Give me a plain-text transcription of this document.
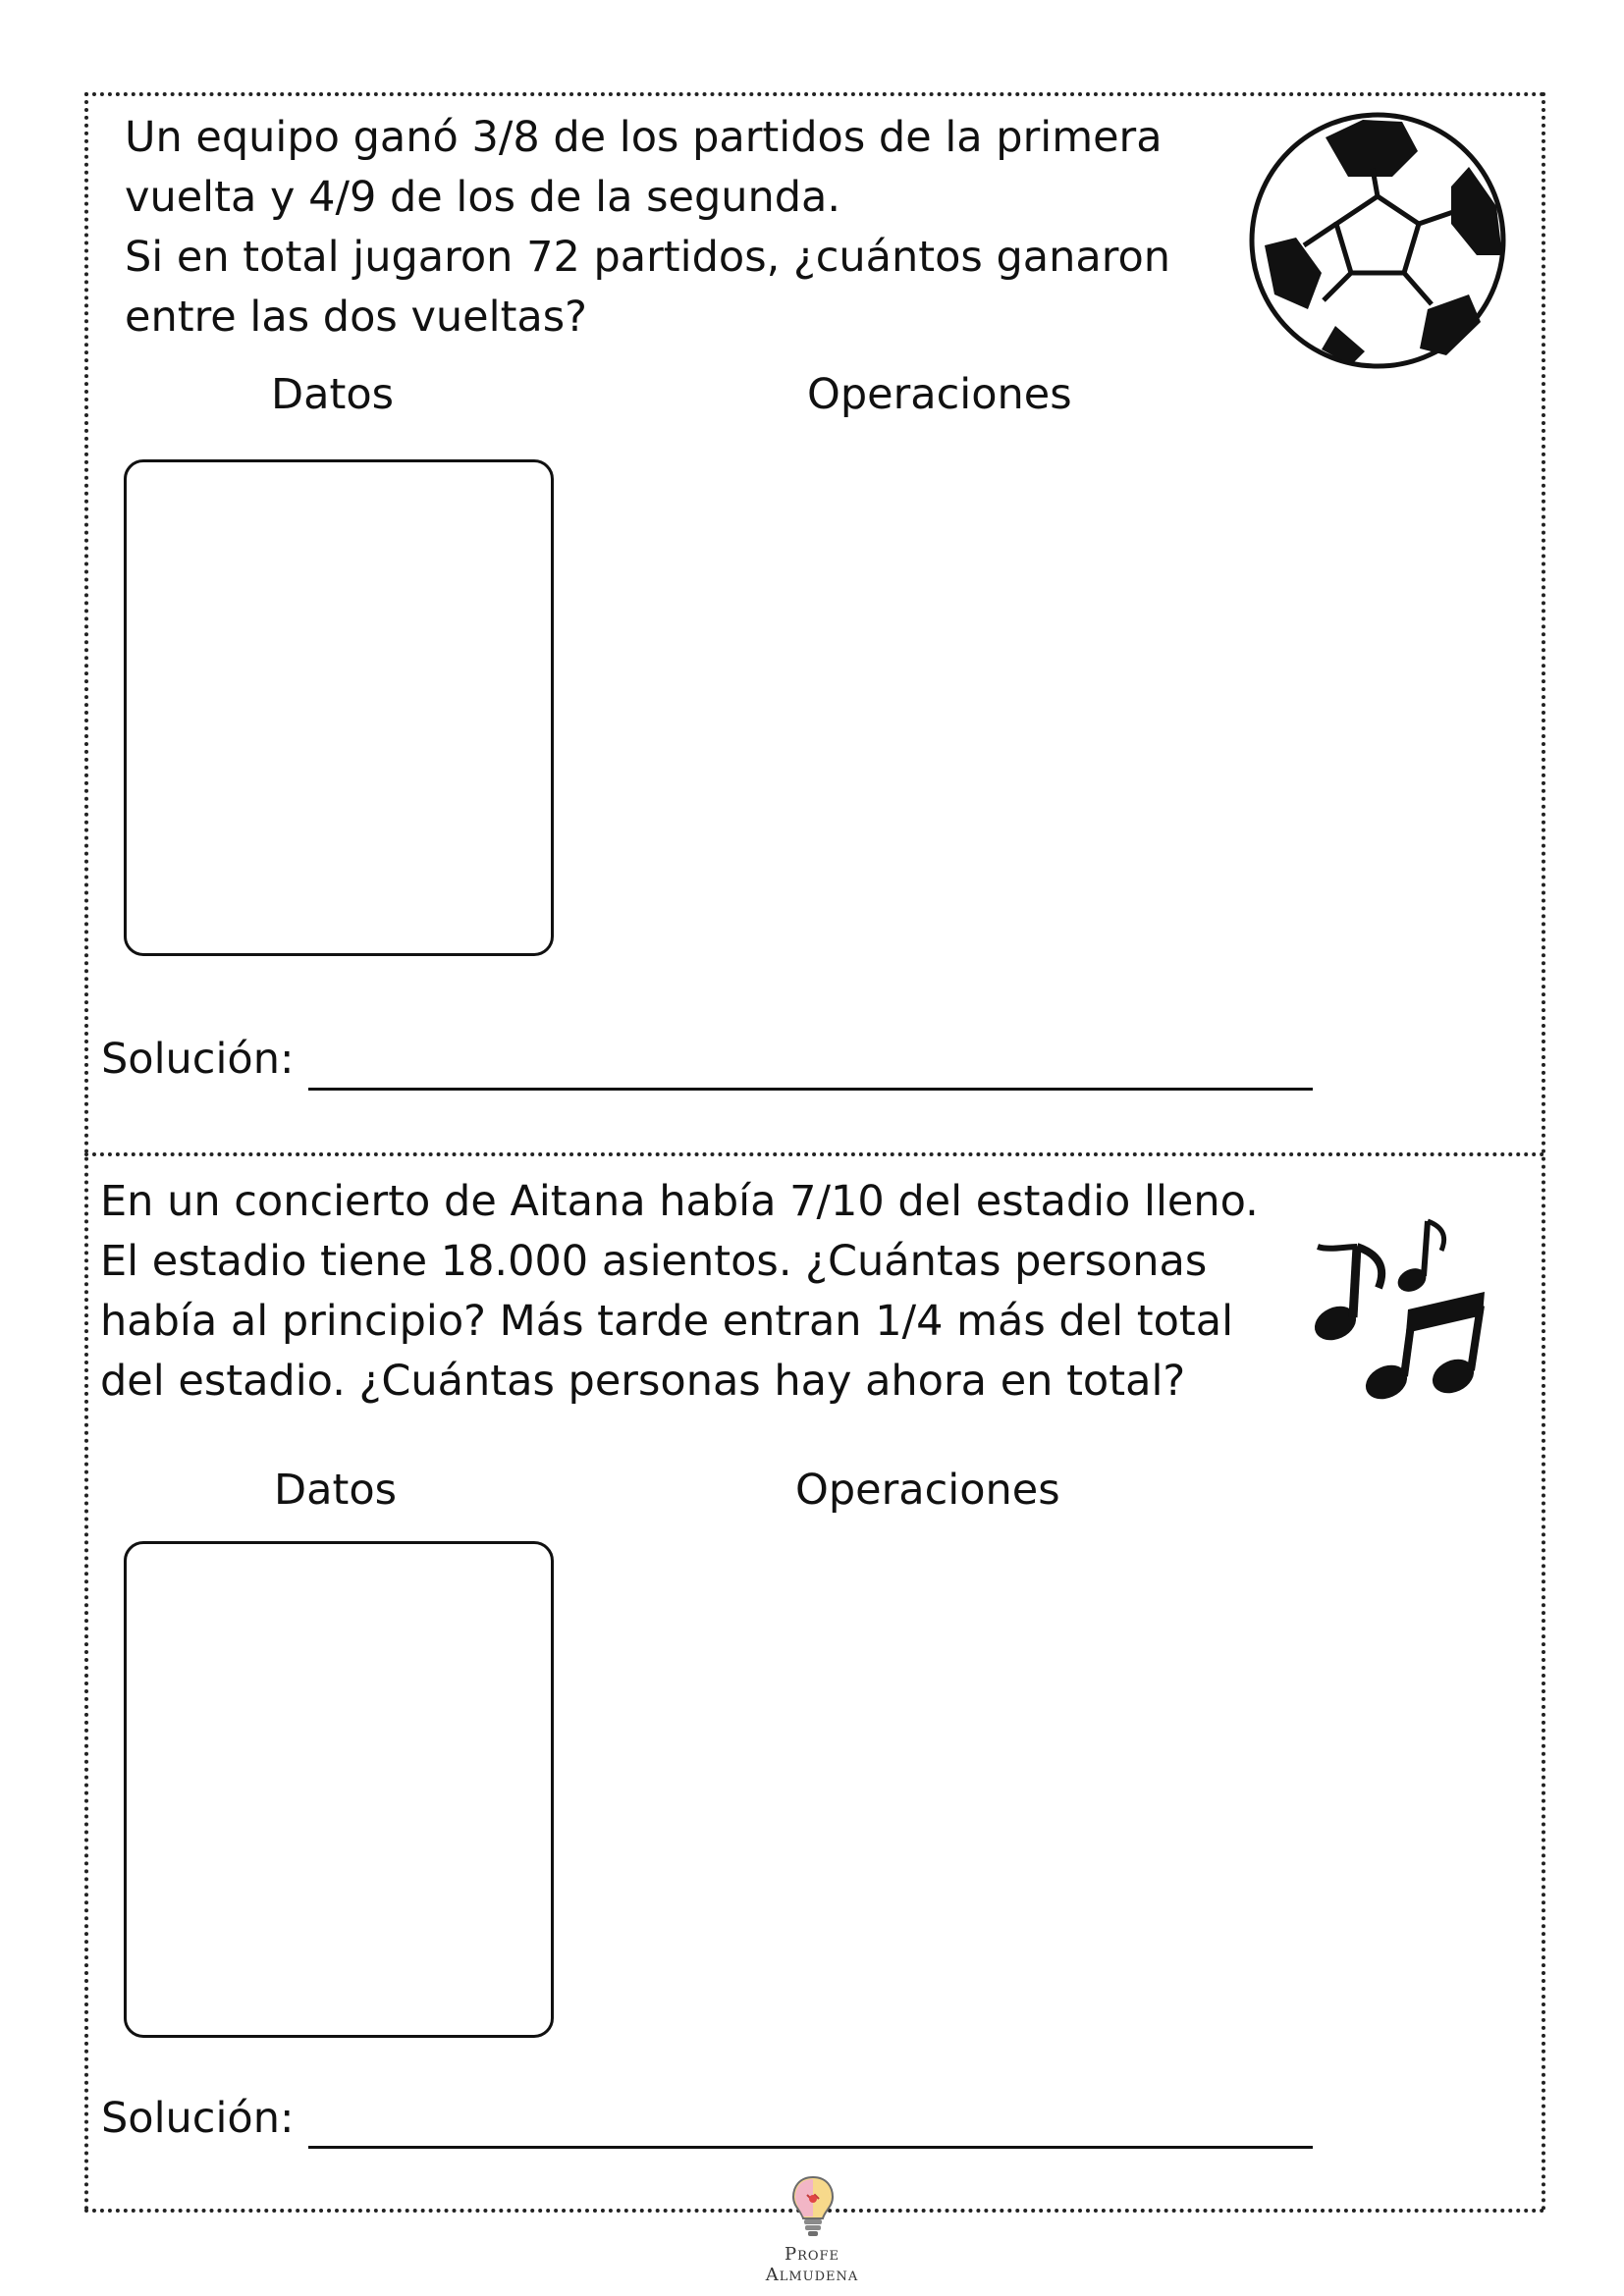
Un equipo ganó 3/8 de los partidos de la primera
vuelta y 4/9 de los de la segunda.
Si en total jugaron 72 partidos, ¿cuántos ganaron
entre las dos vueltas?

Datos	Operaciones

Solución:

En un concierto de Aitana había 7/10 del estadio lleno.
El estadio tiene 18.000 asientos. ¿Cuántas personas
había al principio? Más tarde entran 1/4 más del total
del estadio. ¿Cuántas personas hay ahora en total?

Datos	Operaciones

Solución:

Profe Almudena
